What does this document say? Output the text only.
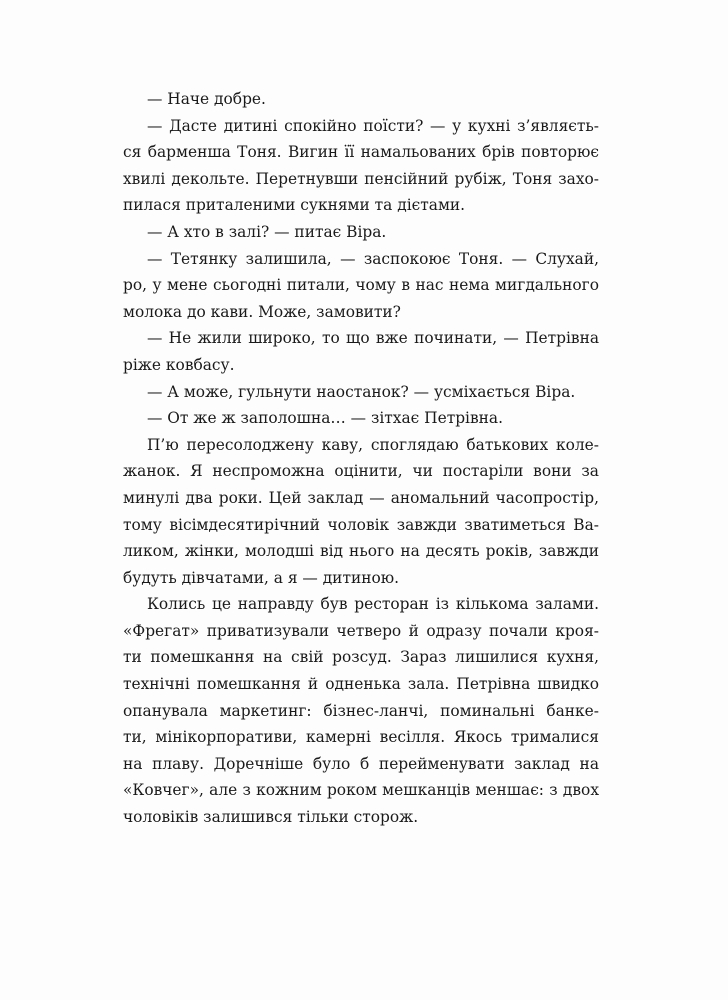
— Наче добре.
— Дасте дитині спокійно поїсти? — у кухні з’являєть-
ся барменша Тоня. Вигин її намальованих брів повторює
хвилі декольте. Перетнувши пенсійний рубіж, Тоня захо-
пилася приталеними сукнями та дієтами.
— А хто в залі? — питає Віра.
— Тетянку залишила, — заспокоює Тоня. — Слухай,
ро, у мене сьогодні питали, чому в нас нема мигдального
молока до кави. Може, замовити?
— Не жили широко, то що вже починати, — Петрівна
ріже ковбасу.
— А може, гульнути наостанок? — усміхається Віра.
— От же ж заполошна… — зітхає Петрівна.
П’ю пересолоджену каву, споглядаю батькових коле-
жанок. Я неспроможна оцінити, чи постаріли вони за
минулі два роки. Цей заклад — аномальний часопростір,
тому вісімдесятирічний чоловік завжди зватиметься Ва-
ликом, жінки, молодші від нього на десять років, завжди
будуть дівчатами, а я — дитиною.
Колись це направду був ресторан із кількома залами.
«Фрегат» приватизували четверо й одразу почали кроя-
ти помешкання на свій розсуд. Зараз лишилися кухня,
технічні помешкання й одненька зала. Петрівна швидко
опанувала маркетинг: бізнес-ланчі, поминальні банке-
ти, мінікорпоративи, камерні весілля. Якось трималися
на плаву. Доречніше було б перейменувати заклад на
«Ковчег», але з кожним роком мешканців меншає: з двох
чоловіків залишився тільки сторож.
